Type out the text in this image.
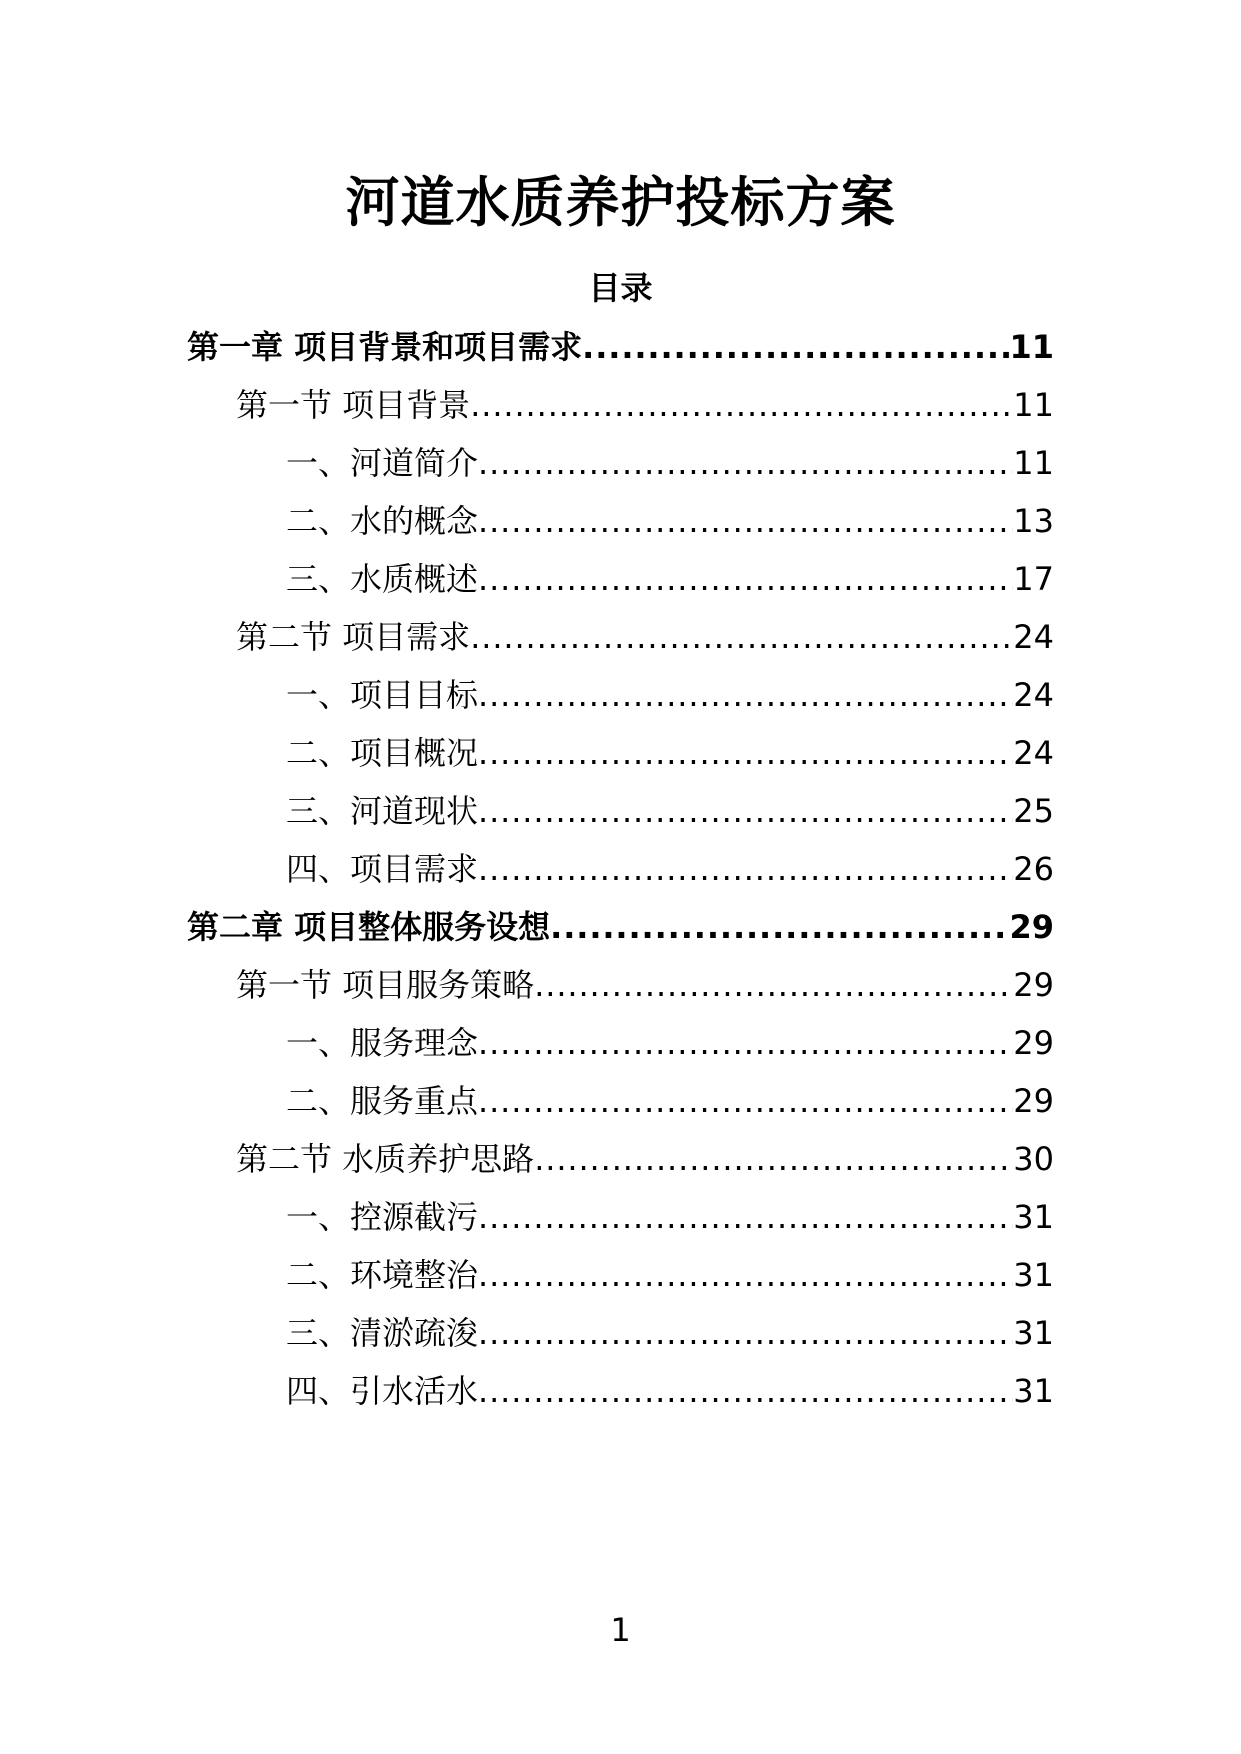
河道水质养护投标方案
目录
第一章 项目背景和项目需求 .....	11
第一节 项目背景 .....	11
一、河道简介 .....	11
二、水的概念 .....	13
三、水质概述 .....	17
第二节 项目需求 .....	24
一、项目目标 .....	24
二、项目概况 .....	24
三、河道现状 .....	25
四、项目需求 .....	26
第二章 项目整体服务设想 .....	29
第一节 项目服务策略 .....	29
一、服务理念 .....	29
二、服务重点 .....	29
第二节 水质养护思路 .....	30
一、控源截污 .....	31
二、环境整治 .....	31
三、清淤疏浚 .....	31
四、引水活水 .....	31
1
